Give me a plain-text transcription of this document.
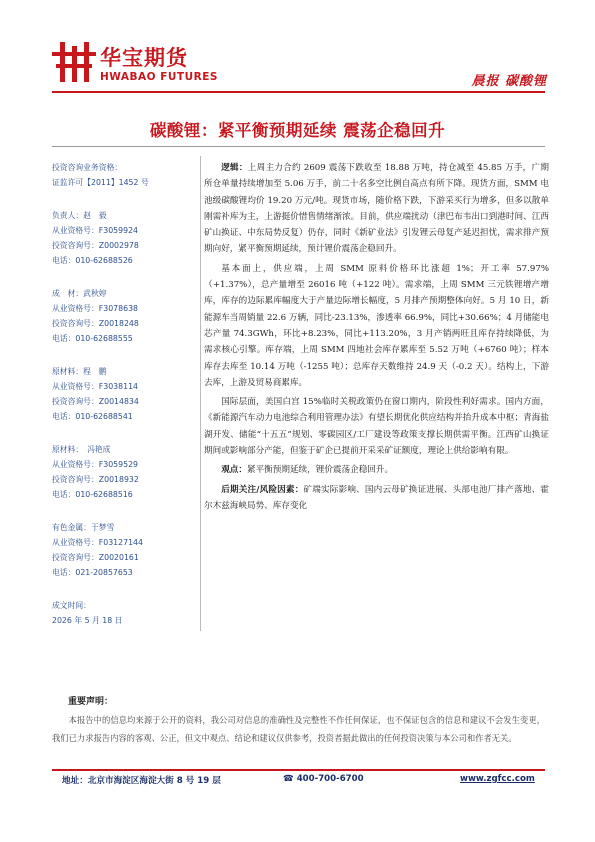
华宝期货
HWABAO FUTURES	晨报 碳酸锂
碳酸锂：紧平衡预期延续 震荡企稳回升
投资咨询业务资格：
证监许可【2011】1452 号
负责人：赵　毅
从业资格号：F3059924
投资咨询号：Z0002978
电话：010-62688526
成　材：武秋婷
从业资格号：F3078638
投资咨询号：Z0018248
电话：010-62688555
原材料：程　鹏
从业资格号：F3038114
投资咨询号：Z0014834
电话：010-62688541
原材料：　冯艳成
从业资格号：F3059529
投资咨询号：Z0018932
电话：010-62688516
有色金属：于梦雪
从业资格号：F03127144
投资咨询号：Z0020161
电话：021-20857653
成文时间：
2026 年 5 月 18 日

逻辑：上周主力合约 2609 震荡下跌收至 18.88 万吨，持仓减至 45.85 万手，广期所仓单量持续增加至 5.06 万手，前二十名多空比例自高点有所下降。现货方面，SMM 电池级碳酸锂均价 19.20 万元/吨。现货市场，随价格下跌，下游采买行为增多，但多以散单刚需补库为主，上游挺价惜售情绪渐浓。目前，供应端扰动（津巴布韦出口到港时间、江西矿山换证、中东局势反复）仍存，同时《新矿业法》引发锂云母复产延迟担忧，需求排产预期向好，紧平衡预期延续，预计锂价震荡企稳回升。

基本面上，供应端，上周 SMM 原料价格环比涨超 1%；开工率 57.97%（+1.37%），总产量增至 26016 吨（+122 吨）。需求端，上周 SMM 三元铁锂增产增库，库存的边际累库幅度大于产量边际增长幅度，5 月排产预期整体向好。5 月 10 日，新能源车当周销量 22.6 万辆，同比-23.13%，渗透率 66.9%，同比+30.66%；4 月储能电芯产量 74.3GWh，环比+8.23%，同比+113.20%，3 月产销两旺且库存持续降低，为需求核心引擎。库存端，上周 SMM 四地社会库存累库至 5.52 万吨（+6760 吨）；样本库存去库至 10.14 万吨（-1255 吨）；总库存天数维持 24.9 天（-0.2 天）。结构上，下游去库，上游及贸易商累库。

国际层面，美国白宫 15%临时关税政策仍在窗口期内，阶段性利好需求。国内方面，《新能源汽车动力电池综合利用管理办法》有望长期优化供应结构并抬升成本中枢；青海盐湖开发、储能“十五五”规划、零碳园区/工厂建设等政策支撑长期供需平衡。江西矿山换证期间或影响部分产能，但鉴于矿企已提前开采采矿证额度，理论上供给影响有限。

观点：紧平衡预期延续，锂价震荡企稳回升。

后期关注/风险因素：矿端实际影响、国内云母矿换证进展、头部电池厂排产落地、霍尔木兹海峡局势、库存变化

重要声明：
本报告中的信息均来源于公开的资料，我公司对信息的准确性及完整性不作任何保证，也不保证包含的信息和建议不会发生变更，我们已力求报告内容的客观、公正，但文中观点、结论和建议仅供参考，投资者据此做出的任何投资决策与本公司和作者无关。
地址：北京市海淀区海淀大街 8 号 19 层	☎ 400-700-6700	www.zgfcc.com
